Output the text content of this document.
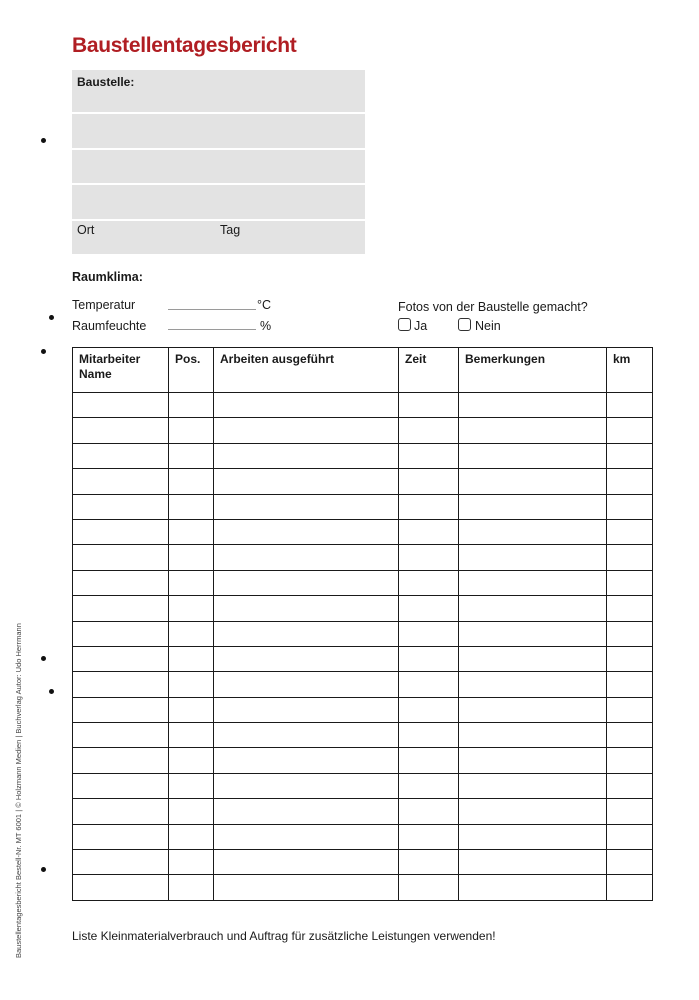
Baustellentagesbericht
Baustelle:
Ort	Tag
Raumklima:
Temperatur	°C
Raumfeuchte	%
Fotos von der Baustelle gemacht?
Ja	Nein
Mitarbeiter Name	Pos.	Arbeiten ausgeführt	Zeit	Bemerkungen	km

Liste Kleinmaterialverbrauch und Auftrag für zusätzliche Leistungen verwenden!
Baustellentagesbericht Bestell-Nr. MT 6001 | © Holzmann Medien | Buchverlag Autor: Udo Herrmann
